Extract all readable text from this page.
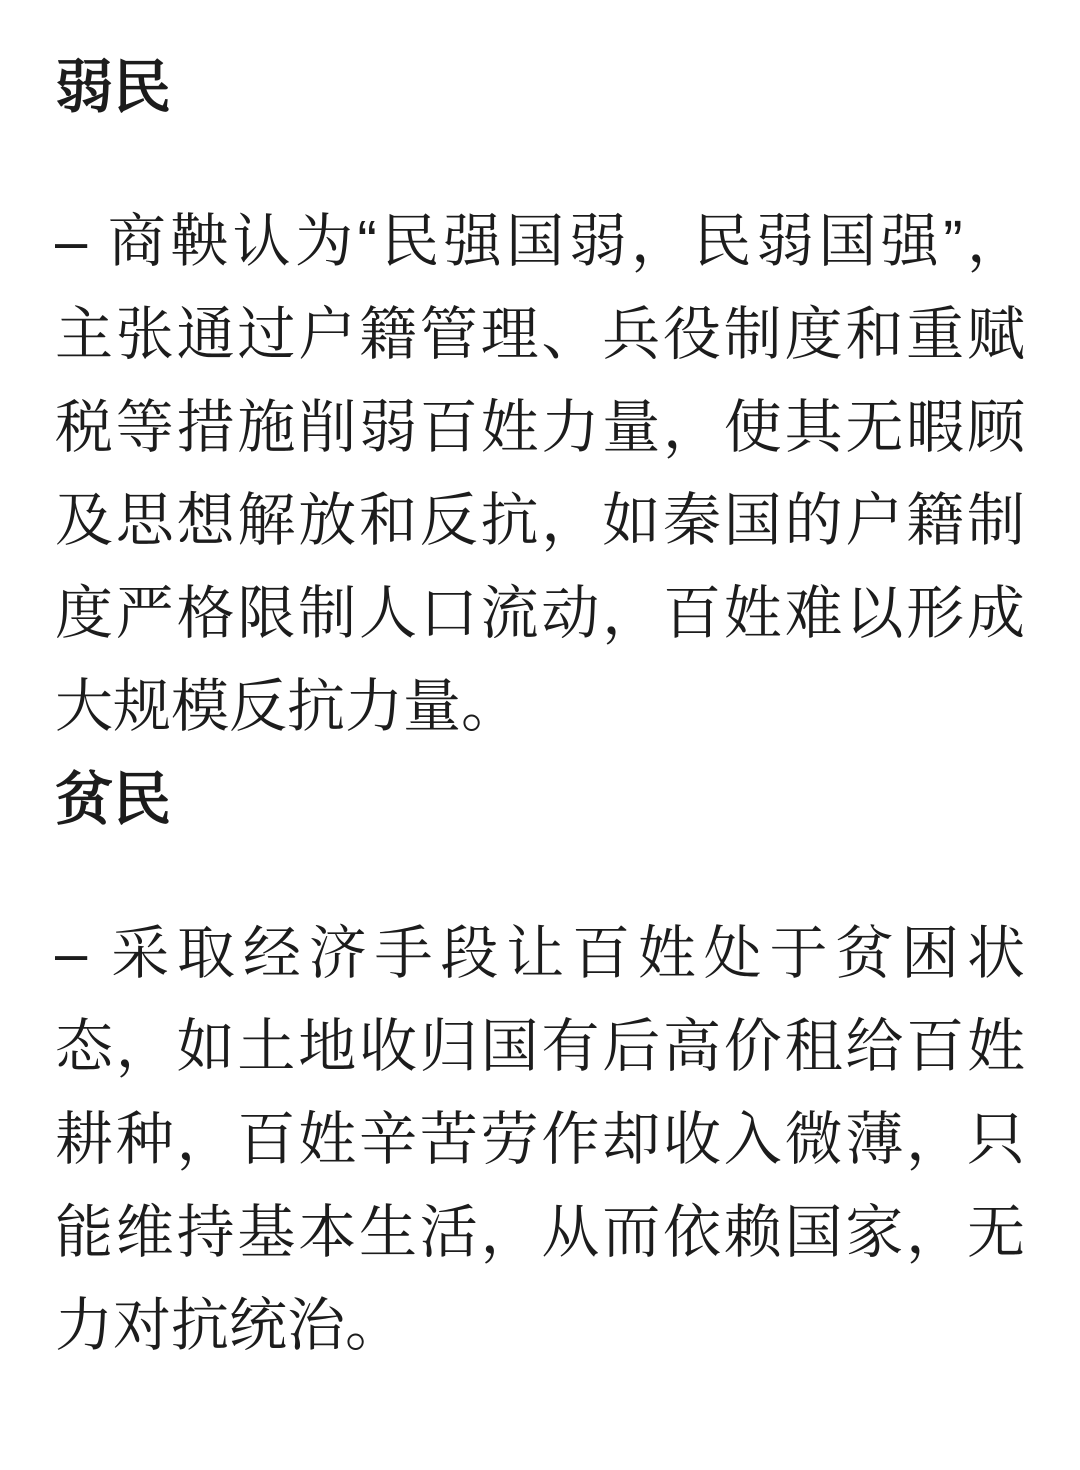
弱民
– 商鞅认为“民强国弱，民弱国强”，
主张通过户籍管理、兵役制度和重赋
税等措施削弱百姓力量，使其无暇顾
及思想解放和反抗，如秦国的户籍制
度严格限制人口流动，百姓难以形成
大规模反抗力量。
贫民
– 采取经济手段让百姓处于贫困状
态，如土地收归国有后高价租给百姓
耕种，百姓辛苦劳作却收入微薄，只
能维持基本生活，从而依赖国家，无
力对抗统治。
